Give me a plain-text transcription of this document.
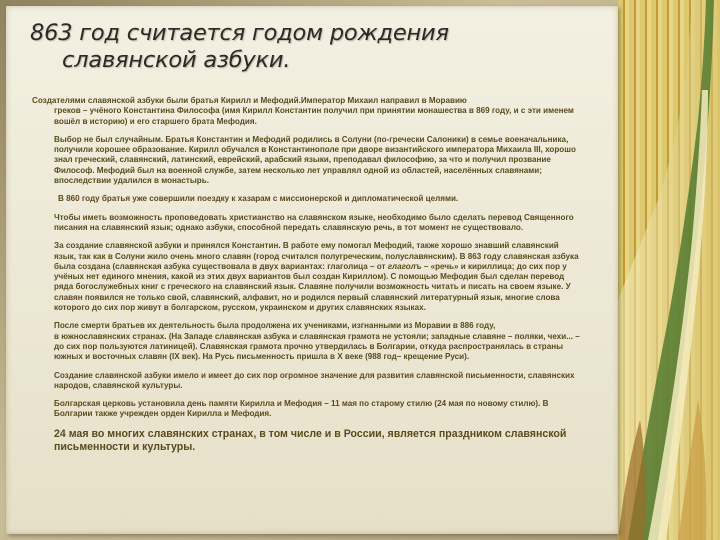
863 год считается годом рождения
славянской азбуки.

Создателями славянской азбуки были братья Кирилл и Мефодий.Император Михаил направил в Моравию
греков – учёного Константина Философа (имя Кирилл Константин получил при принятии монашества в 869 году, и с эти именем вошёл в историю) и его старшего брата Мефодия.

Выбор не был случайным. Братья Константин и Мефодий родились в Солуни (по-гречески Салоники) в семье военачальника, получили хорошее образование. Кирилл обучался в Константинополе при дворе византийского императора Михаила III, хорошо знал греческий, славянский, латинский, еврейский, арабский языки, преподавал философию, за что и получил прозвание Философ. Мефодий был на военной службе, затем несколько лет управлял одной из областей, населённых славянами; впоследствии удалился в монастырь.

В 860 году братья уже совершили поездку к хазарам с миссионерской и дипломатической целями.

Чтобы иметь возможность проповедовать христианство на славянском языке, необходимо было сделать перевод Священного писания на славянский язык; однако азбуки, способной передать славянскую речь, в тот момент не существовало.

За создание славянской азбуки и принялся Константин. В работе ему помогал Мефодий, также хорошо знавший славянский язык, так как в Солуни жило очень много славян (город считался полугреческим, полуславянским). В 863 году славянская азбука была создана (славянская азбука существовала в двух вариантах: глаголица – от глаголъ – «речь» и кириллица; до сих пор у учёных нет единого мнения, какой из этих двух вариантов был создан Кириллом). С помощью Мефодия был сделан перевод ряда богослужебных книг с греческого на славянский язык. Славяне получили возможность читать и писать на своем языке. У славян появился не только свой, славянский, алфавит, но и родился первый славянский литературный язык, многие слова которого до сих пор живут в болгарском, русском, украинском и других славянских языках.

После смерти братьев их деятельность была продолжена их учениками, изгнанными из Моравии в 886 году,
в южнославянских странах. (На Западе славянская азбука и славянская грамота не устояли; западные славяне – поляки, чехи... – до сих пор пользуются латиницей). Славянская грамота прочно утвердилась в Болгарии, откуда распространялась в страны южных и восточных славян (IX век). На Русь письменность пришла в X веке (988 год– крещение Руси).

Создание славянской азбуки имело и имеет до сих пор огромное значение для развития славянской письменности, славянских народов, славянской культуры.

Болгарская церковь установила день памяти Кирилла и Мефодия – 11 мая по старому стилю (24 мая по новому стилю). В Болгарии также учрежден орден Кирилла и Мефодия.

24 мая во многих славянских странах, в том числе и в России, является праздником славянской письменности и культуры.
